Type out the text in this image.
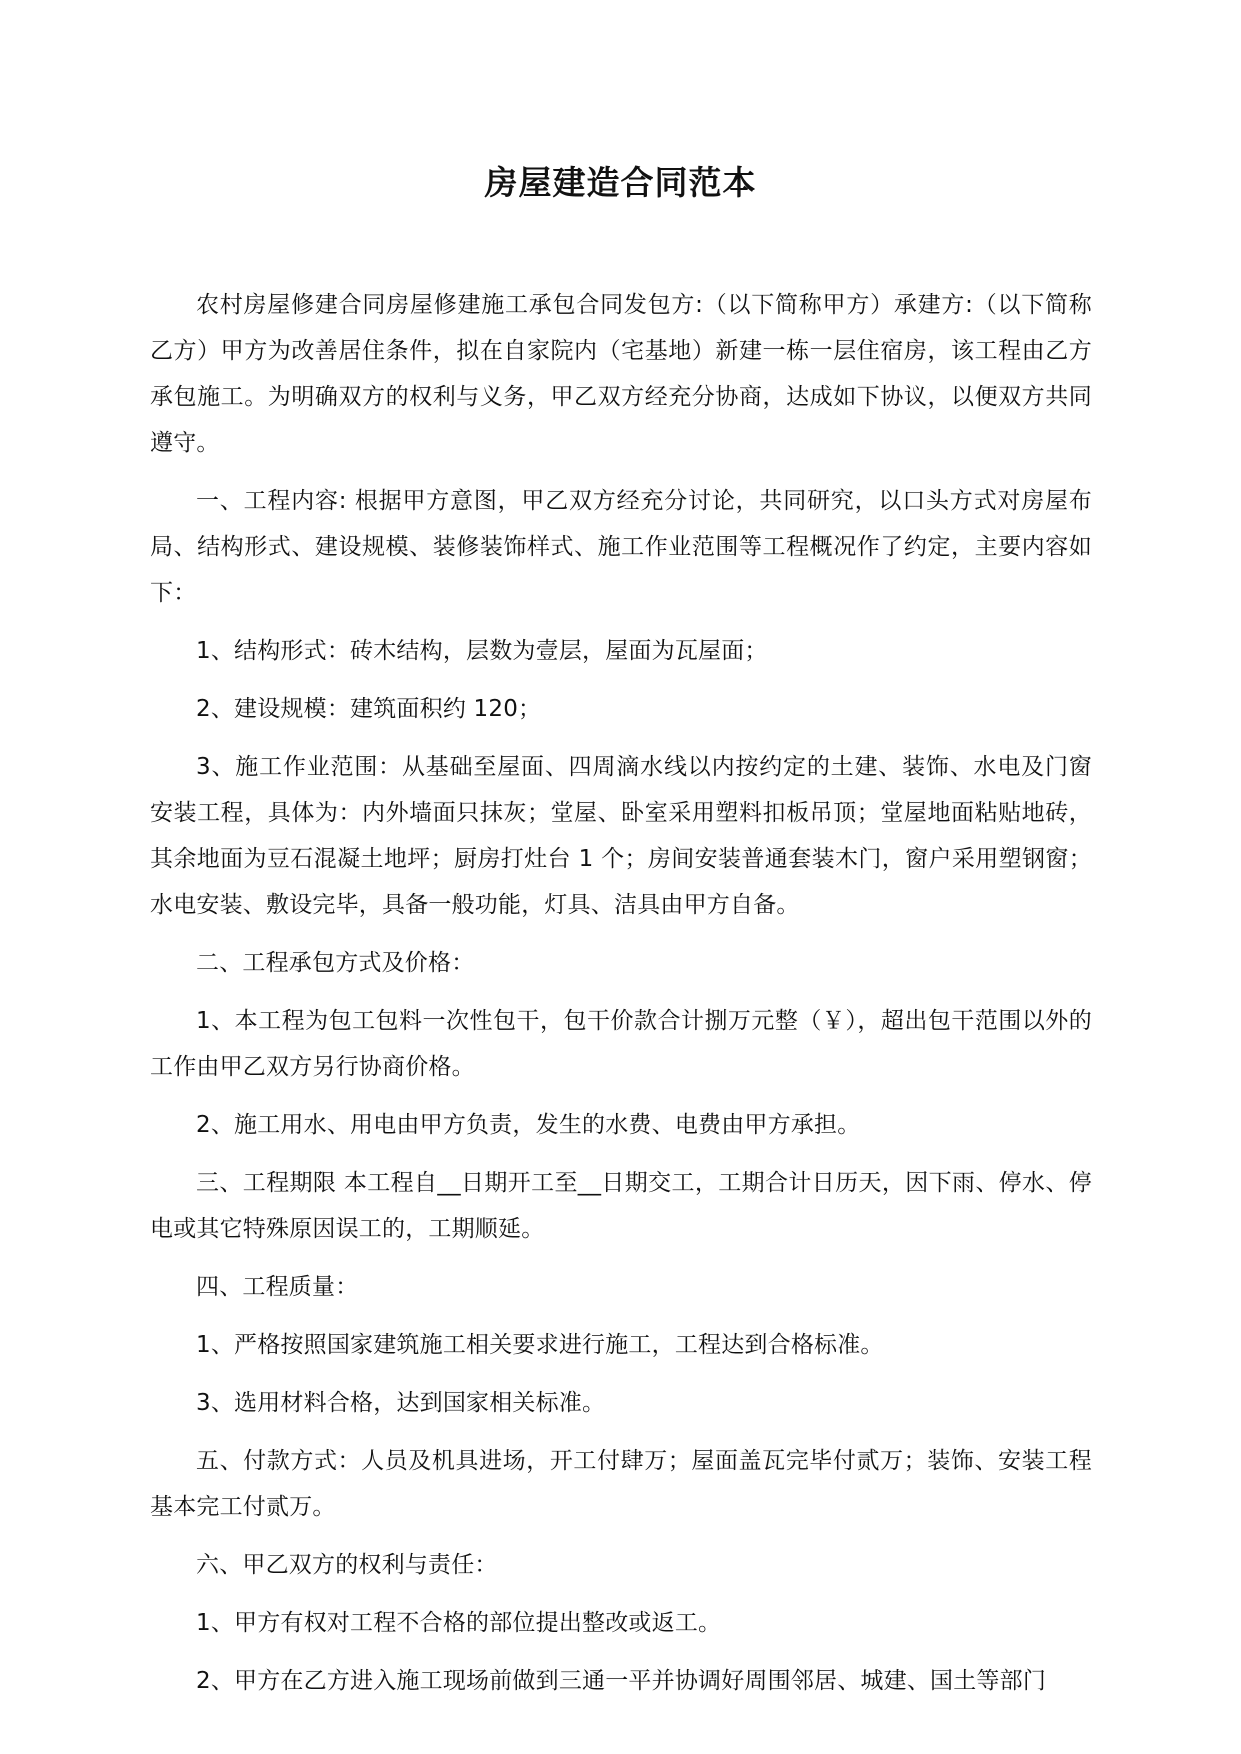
房屋建造合同范本

农村房屋修建合同房屋修建施工承包合同发包方:（以下简称甲方）承建方:（以下简称乙方）甲方为改善居住条件，拟在自家院内（宅基地）新建一栋一层住宿房，该工程由乙方承包施工。为明确双方的权利与义务，甲乙双方经充分协商，达成如下协议，以便双方共同遵守。

一、工程内容: 根据甲方意图，甲乙双方经充分讨论，共同研究，以口头方式对房屋布局、结构形式、建设规模、装修装饰样式、施工作业范围等工程概况作了约定，主要内容如下：

1、结构形式：砖木结构，层数为壹层，屋面为瓦屋面；

2、建设规模：建筑面积约 120；

3、施工作业范围：从基础至屋面、四周滴水线以内按约定的土建、装饰、水电及门窗安装工程，具体为：内外墙面只抹灰；堂屋、卧室采用塑料扣板吊顶；堂屋地面粘贴地砖，其余地面为豆石混凝土地坪；厨房打灶台 1 个；房间安装普通套装木门，窗户采用塑钢窗；水电安装、敷设完毕，具备一般功能，灯具、洁具由甲方自备。

二、工程承包方式及价格：

1、本工程为包工包料一次性包干，包干价款合计捌万元整（￥），超出包干范围以外的工作由甲乙双方另行协商价格。

2、施工用水、用电由甲方负责，发生的水费、电费由甲方承担。

三、工程期限 本工程自__日期开工至__日期交工，工期合计日历天，因下雨、停水、停电或其它特殊原因误工的，工期顺延。

四、工程质量：

1、严格按照国家建筑施工相关要求进行施工，工程达到合格标准。

3、选用材料合格，达到国家相关标准。

五、付款方式：人员及机具进场，开工付肆万；屋面盖瓦完毕付贰万；装饰、安装工程基本完工付贰万。

六、甲乙双方的权利与责任：

1、甲方有权对工程不合格的部位提出整改或返工。

2、甲方在乙方进入施工现场前做到三通一平并协调好周围邻居、城建、国土等部门
